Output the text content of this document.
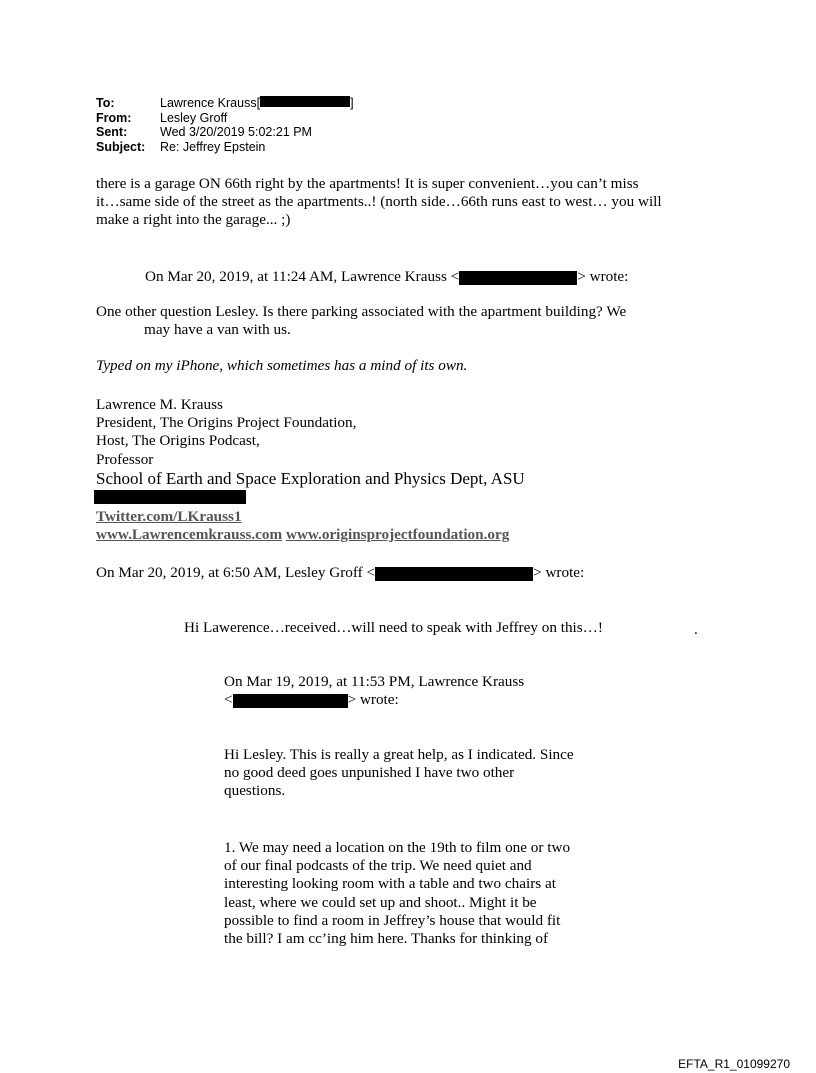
To:	Lawrence Krauss[	]
From:	Lesley Groff
Sent:	Wed 3/20/2019 5:02:21 PM
Subject:	Re: Jeffrey Epstein
there is a garage ON 66th right by the apartments! It is super convenient…you can’t miss
it…same side of the street as the apartments..! (north side…66th runs east to west… you will
make a right into the garage... ;)
On Mar 20, 2019, at 11:24 AM, Lawrence Krauss <	> wrote:
One other question Lesley. Is there parking associated with the apartment building? We
may have a van with us.
Typed on my iPhone, which sometimes has a mind of its own.
Lawrence M. Krauss
President, The Origins Project Foundation,
Host, The Origins Podcast,
Professor
School of Earth and Space Exploration and Physics Dept, ASU
Twitter.com/LKrauss1
www.Lawrencemkrauss.com www.originsprojectfoundation.org
On Mar 20, 2019, at 6:50 AM, Lesley Groff <	> wrote:
Hi Lawerence…received…will need to speak with Jeffrey on this…!	.
On Mar 19, 2019, at 11:53 PM, Lawrence Krauss
<	> wrote:
Hi Lesley. This is really a great help, as I indicated. Since
no good deed goes unpunished I have two other
questions.
1. We may need a location on the 19th to film one or two
of our final podcasts of the trip. We need quiet and
interesting looking room with a table and two chairs at
least, where we could set up and shoot.. Might it be
possible to find a room in Jeffrey’s house that would fit
the bill? I am cc’ing him here. Thanks for thinking of
EFTA_R1_01099270
